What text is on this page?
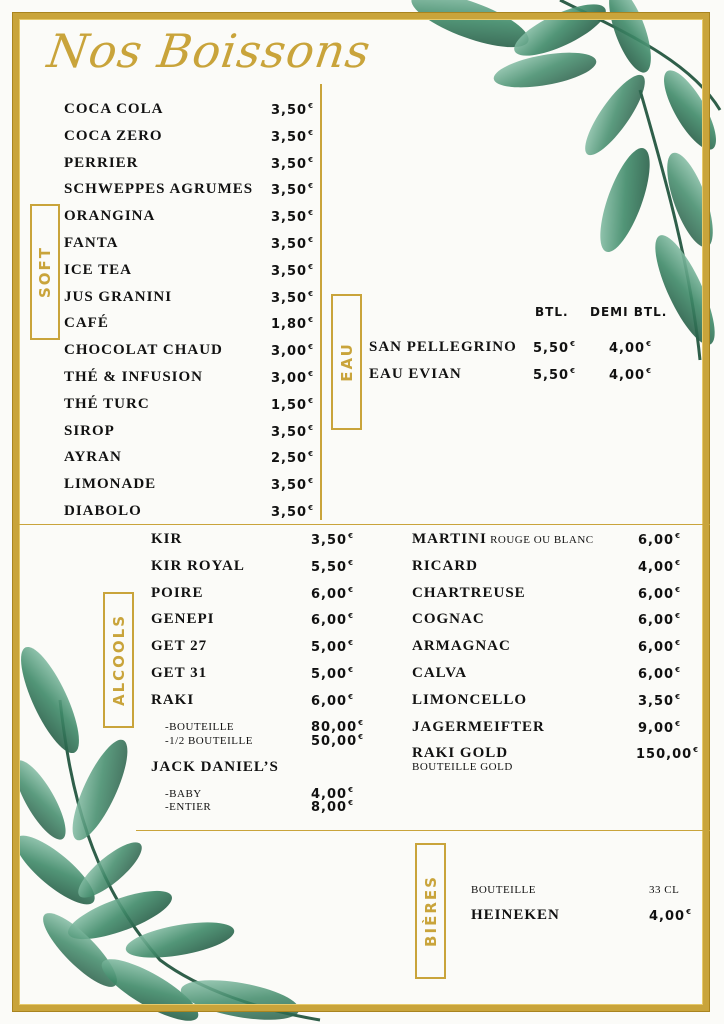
Nos Boissons
SOFT
EAU
ALCOOLS
BIÈRES
COCA COLA	3,50€
COCA ZERO	3,50€
PERRIER	3,50€
SCHWEPPES AGRUMES 3,50€
ORANGINA	3,50€
FANTA	3,50€
ICE TEA	3,50€
JUS GRANINI	3,50€
CAFÉ	1,80€
CHOCOLAT CHAUD	3,00€
THÉ & INFUSION	3,00€
THÉ TURC	1,50€
SIROP	3,50€
AYRAN	2,50€
LIMONADE	3,50€
DIABOLO	3,50€
BTL. DEMI BTL.
SAN PELLEGRINO 5,50€	4,00€
EAU EVIAN	5,50€	4,00€
KIR	3,50€
KIR ROYAL	5,50€
POIRE	6,00€
GENEPI	6,00€
GET 27	5,00€
GET 31	5,00€
RAKI	6,00€
-BOUTEILLE	80,00€
-1/2 BOUTEILLE	50,00€
JACK DANIEL’S
-BABY	4,00€
-ENTIER	8,00€
MARTINI ROUGE OU BLANC	6,00€
RICARD	4,00€
CHARTREUSE	6,00€
COGNAC	6,00€
ARMAGNAC	6,00€
CALVA	6,00€
LIMONCELLO	3,50€
JAGERMEIFTER	9,00€
RAKI GOLD	150,00€
BOUTEILLE GOLD
BOUTEILLE	33 CL
HEINEKEN	4,00€
